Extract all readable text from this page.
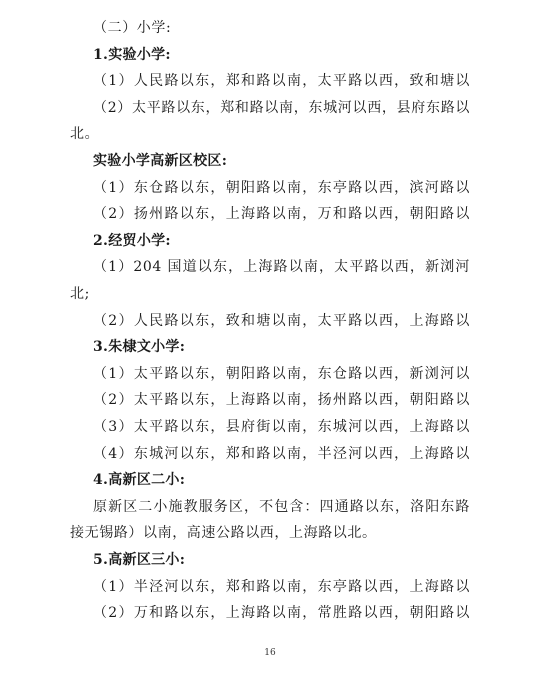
（二）小学:
1.实验小学:
（1）人民路以东，郑和路以南，太平路以西，致和塘以
（2）太平路以东，郑和路以南，东城河以西，县府东路以
北。
实验小学高新区校区:
（1）东仓路以东，朝阳路以南，东亭路以西，滨河路以
（2）扬州路以东，上海路以南，万和路以西，朝阳路以
2.经贸小学:
（1）204 国道以东，上海路以南，太平路以西，新浏河
北;
（2）人民路以东，致和塘以南，太平路以西，上海路以
3.朱棣文小学:
（1）太平路以东，朝阳路以南，东仓路以西，新浏河以
（2）太平路以东，上海路以南，扬州路以西，朝阳路以
（3）太平路以东，县府街以南，东城河以西，上海路以
（4）东城河以东，郑和路以南，半泾河以西，上海路以
4.高新区二小:
原新区二小施教服务区，不包含：四通路以东，洛阳东路
接无锡路）以南，高速公路以西，上海路以北。
5.高新区三小:
（1）半泾河以东，郑和路以南，东亭路以西，上海路以
（2）万和路以东，上海路以南，常胜路以西，朝阳路以
16
